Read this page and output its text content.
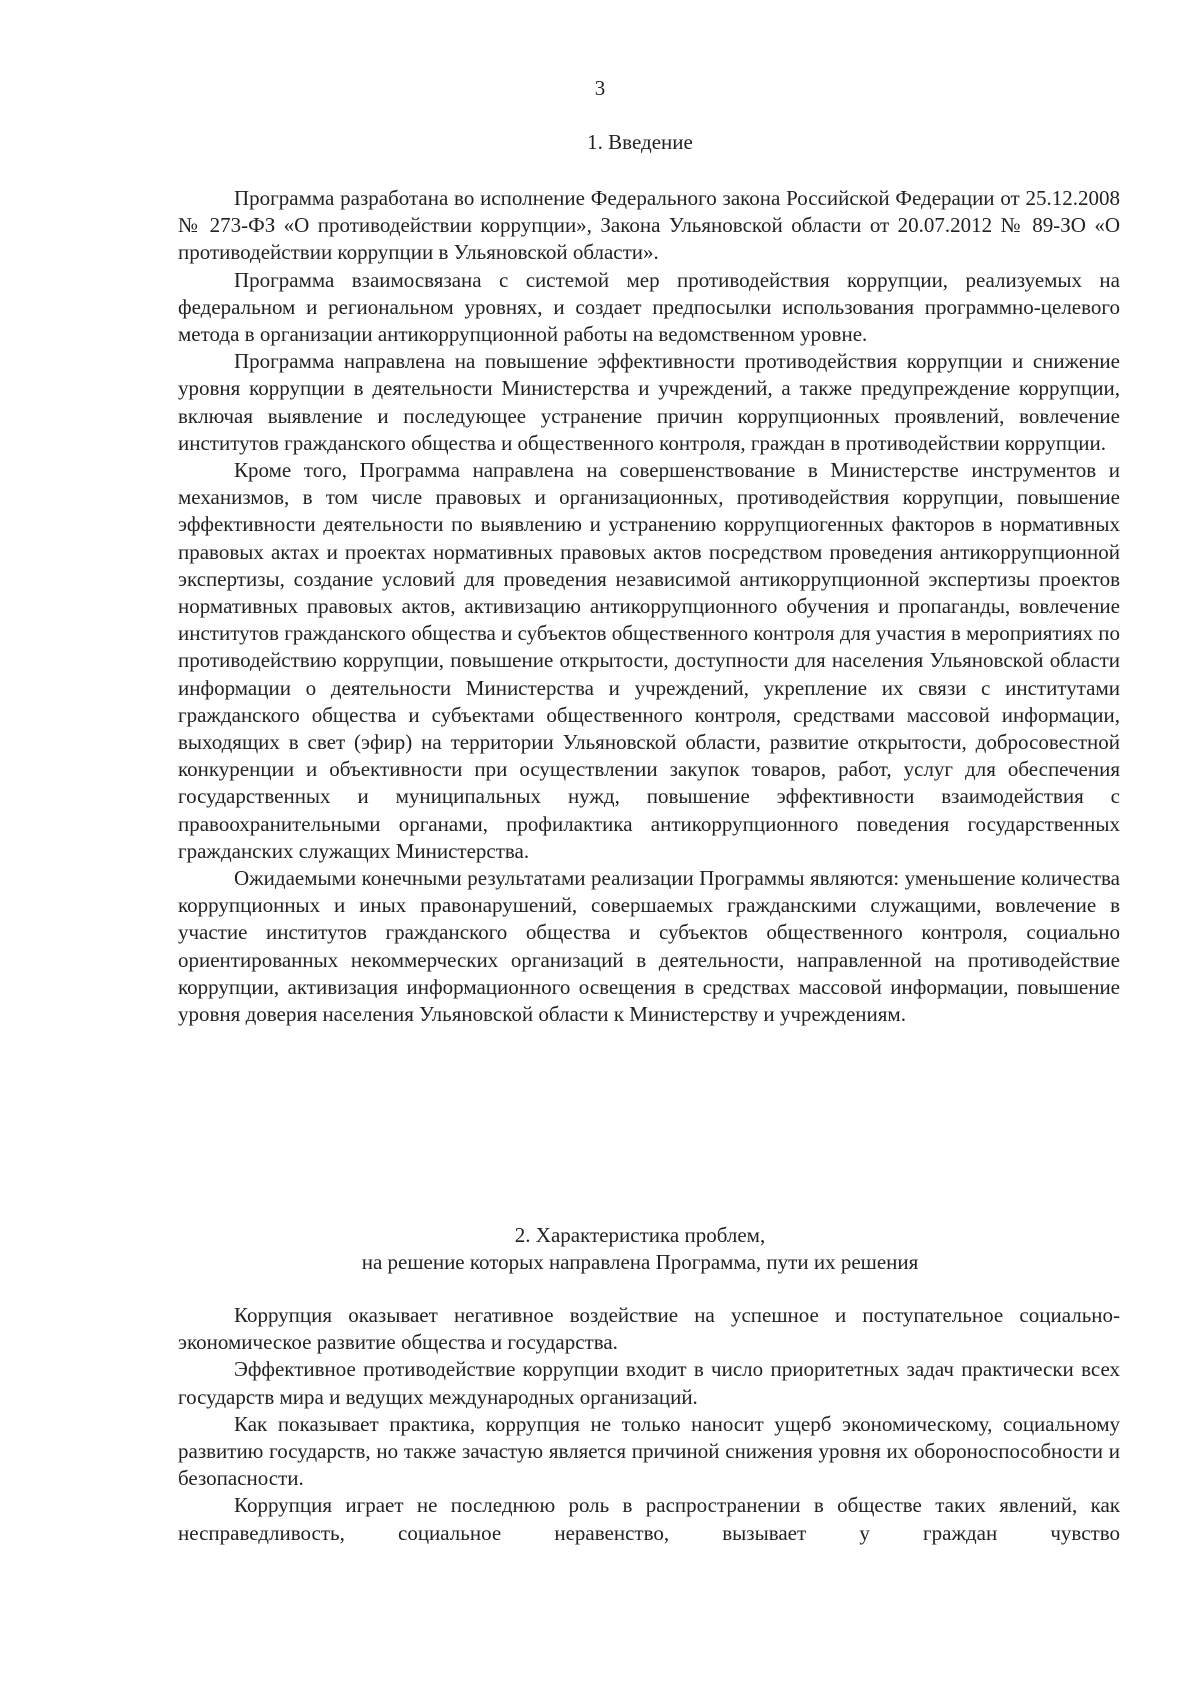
3
1. Введение

Программа разработана во исполнение Федерального закона Российской Федерации от 25.12.2008 № 273-ФЗ «О противодействии коррупции», Закона Ульяновской области от 20.07.2012 № 89-ЗО «О противодействии коррупции в Ульяновской области».

Программа взаимосвязана с системой мер противодействия коррупции, реализуемых на федеральном и региональном уровнях, и создает предпосылки использования программно-целевого метода в организации антикоррупционной работы на ведомственном уровне.

Программа направлена на повышение эффективности противодействия коррупции и снижение уровня коррупции в деятельности Министерства и учреждений, а также предупреждение коррупции, включая выявление и последующее устранение причин коррупционных проявлений, вовлечение институтов гражданского общества и общественного контроля, граждан в противодействии коррупции.

Кроме того, Программа направлена на совершенствование в Министерстве инструментов и механизмов, в том числе правовых и организационных, противодействия коррупции, повышение эффективности деятельности по выявлению и устранению коррупциогенных факторов в нормативных правовых актах и проектах нормативных правовых актов посредством проведения антикоррупционной экспертизы, создание условий для проведения независимой антикоррупционной экспертизы проектов нормативных правовых актов, активизацию антикоррупционного обучения и пропаганды, вовлечение институтов гражданского общества и субъектов общественного контроля для участия в мероприятиях по противодействию коррупции, повышение открытости, доступности для населения Ульяновской области информации о деятельности Министерства и учреждений, укрепление их связи с институтами гражданского общества и субъектами общественного контроля, средствами массовой информации, выходящих в свет (эфир) на территории Ульяновской области, развитие открытости, добросовестной конкуренции и объективности при осуществлении закупок товаров, работ, услуг для обеспечения государственных и муниципальных нужд, повышение эффективности взаимодействия с правоохранительными органами, профилактика антикоррупционного поведения государственных гражданских служащих Министерства.

Ожидаемыми конечными результатами реализации Программы являются: уменьшение количества коррупционных и иных правонарушений, совершаемых гражданскими служащими, вовлечение в участие институтов гражданского общества и субъектов общественного контроля, социально ориентированных некоммерческих организаций в деятельности, направленной на противодействие коррупции, активизация информационного освещения в средствах массовой информации, повышение уровня доверия населения Ульяновской области к Министерству и учреждениям.

2. Характеристика проблем,
на решение которых направлена Программа, пути их решения

Коррупция оказывает негативное воздействие на успешное и поступательное социально-экономическое развитие общества и государства.

Эффективное противодействие коррупции входит в число приоритетных задач практически всех государств мира и ведущих международных организаций.

Как показывает практика, коррупция не только наносит ущерб экономическому, социальному развитию государств, но также зачастую является причиной снижения уровня их обороноспособности и безопасности.

Коррупция играет не последнюю роль в распространении в обществе таких явлений, как несправедливость, социальное неравенство, вызывает у граждан чувство
